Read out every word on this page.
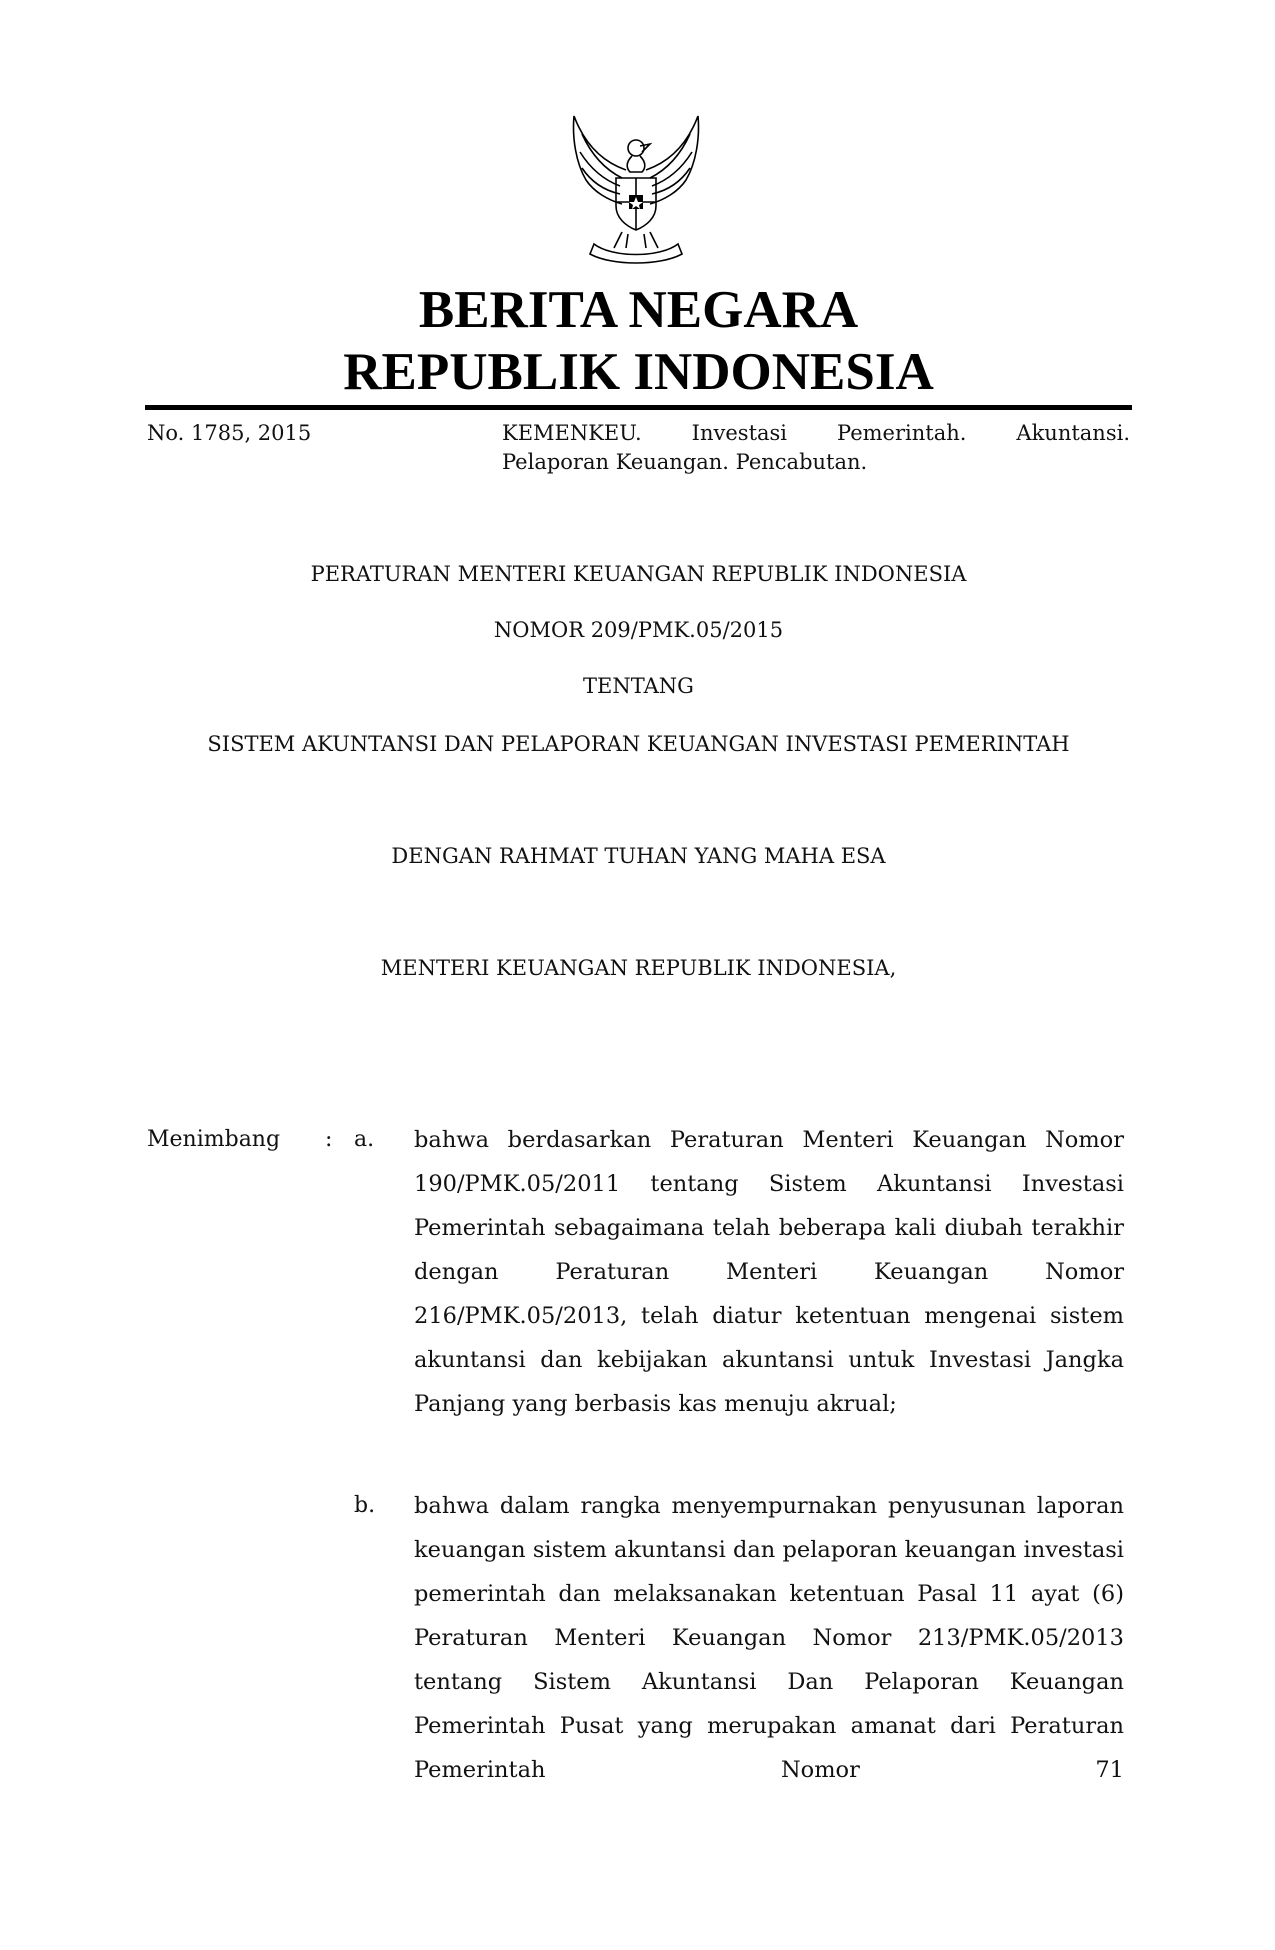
BERITA NEGARA
REPUBLIK INDONESIA
No. 1785, 2015	KEMENKEU. Investasi Pemerintah. Akuntansi.
Pelaporan Keuangan. Pencabutan.
PERATURAN MENTERI KEUANGAN REPUBLIK INDONESIA
NOMOR 209/PMK.05/2015
TENTANG
SISTEM AKUNTANSI DAN PELAPORAN KEUANGAN INVESTASI PEMERINTAH
DENGAN RAHMAT TUHAN YANG MAHA ESA
MENTERI KEUANGAN REPUBLIK INDONESIA,
Menimbang : a. bahwa berdasarkan Peraturan Menteri Keuangan Nomor 190/PMK.05/2011 tentang Sistem Akuntansi Investasi Pemerintah sebagaimana telah beberapa kali diubah terakhir dengan Peraturan Menteri Keuangan Nomor 216/PMK.05/2013, telah diatur ketentuan mengenai sistem akuntansi dan kebijakan akuntansi untuk Investasi Jangka Panjang yang berbasis kas menuju akrual;
b. bahwa dalam rangka menyempurnakan penyusunan laporan keuangan sistem akuntansi dan pelaporan keuangan investasi pemerintah dan melaksanakan ketentuan Pasal 11 ayat (6) Peraturan Menteri Keuangan Nomor 213/PMK.05/2013 tentang Sistem Akuntansi Dan Pelaporan Keuangan Pemerintah Pusat yang merupakan amanat dari Peraturan Pemerintah Nomor 71
